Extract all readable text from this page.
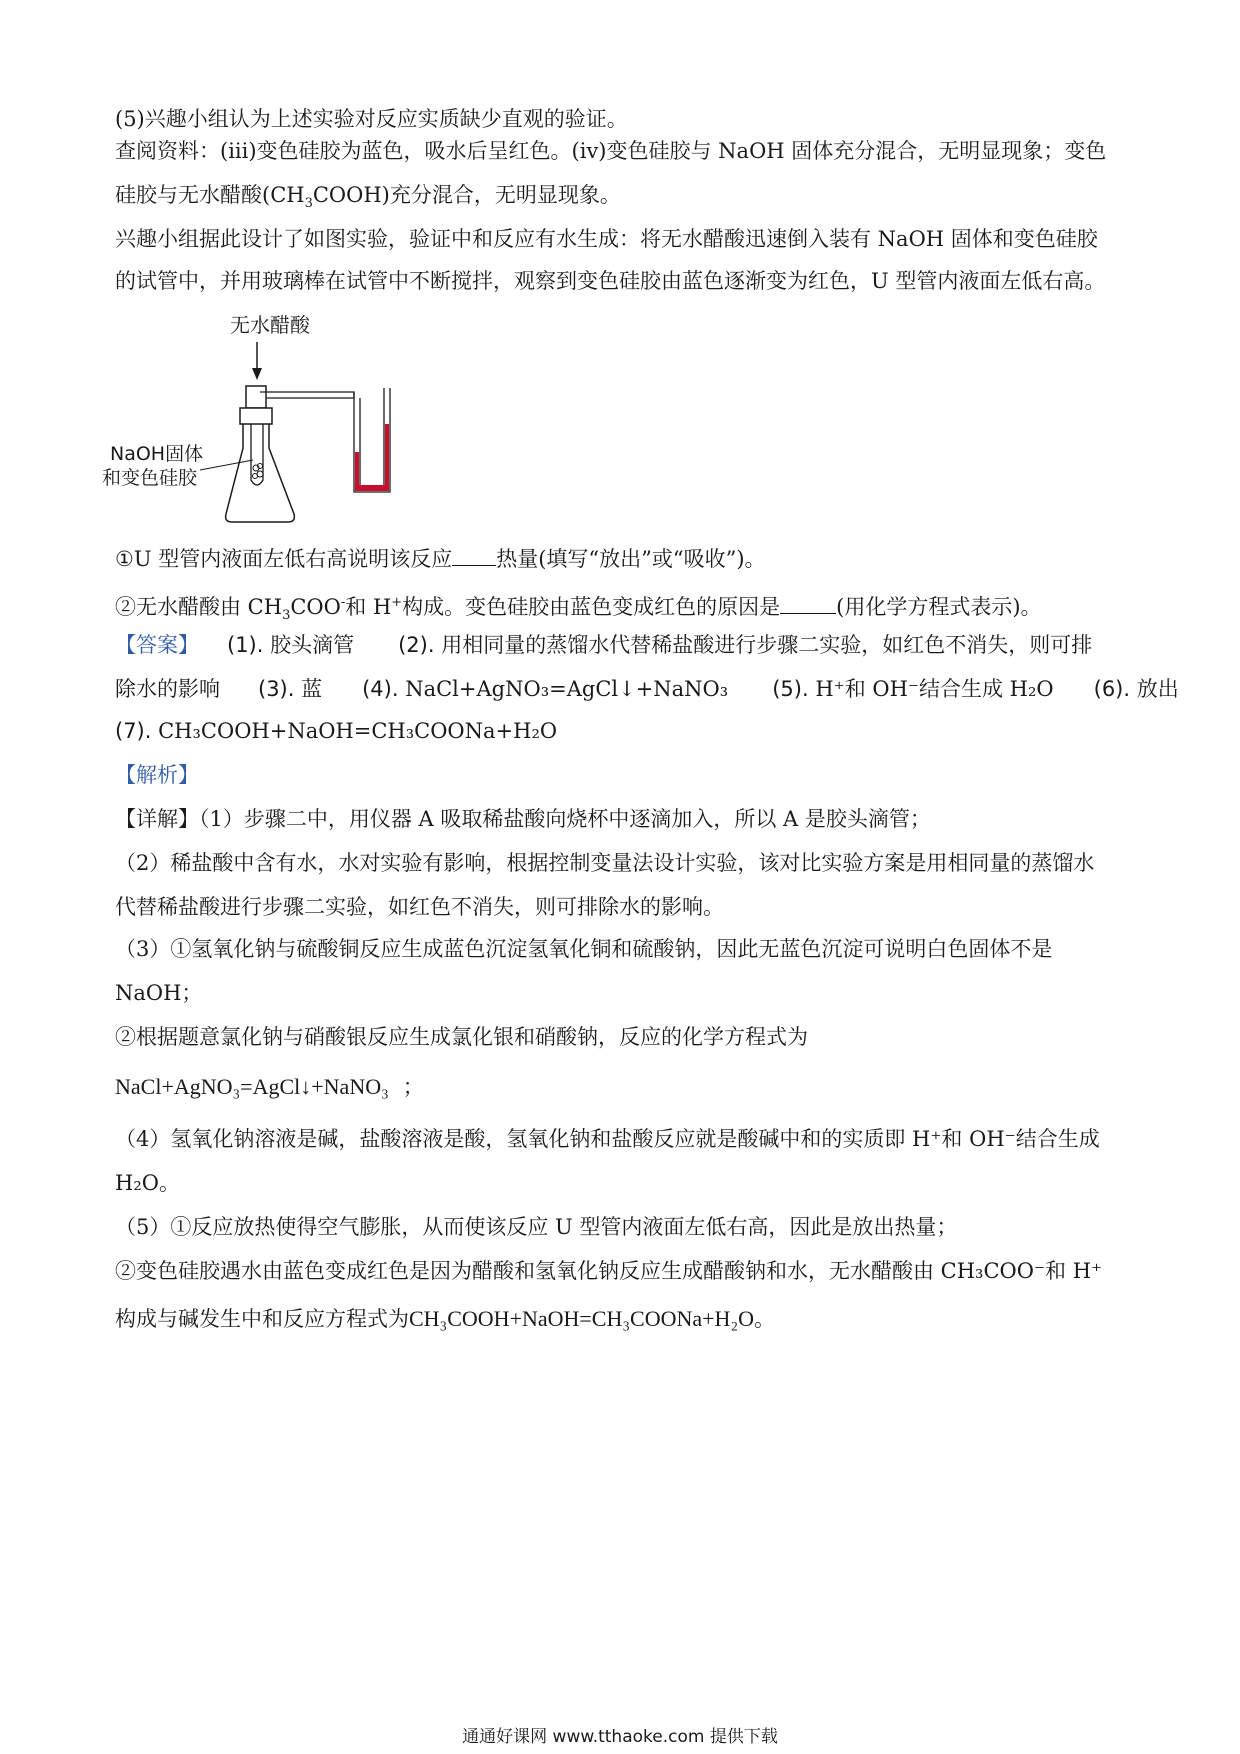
(5)兴趣小组认为上述实验对反应实质缺少直观的验证。
查阅资料：(iii)变色硅胶为蓝色，吸水后呈红色。(iv)变色硅胶与 NaOH 固体充分混合，无明显现象；变色
硅胶与无水醋酸$(CH_3COOH)$充分混合，无明显现象。
兴趣小组据此设计了如图实验，验证中和反应有水生成：将无水醋酸迅速倒入装有 NaOH 固体和变色硅胶
的试管中，并用玻璃棒在试管中不断搅拌，观察到变色硅胶由蓝色逐渐变为红色，U 型管内液面左低右高。
无水醋酸
NaOH固体
和变色硅胶
①U 型管内液面左低右高说明该反应 热量(填写“放出”或“吸收”)。
②无水醋酸由 $CH_3COO^-$和 H+构成。变色硅胶由蓝色变成红色的原因是	(用化学方程式表示)。
【答案】 (1). 胶头滴管 (2). 用相同量的蒸馏水代替稀盐酸进行步骤二实验，如红色不消失，则可排
除水的影响 (3). 蓝 (4). NaCl+AgNO₃=AgCl↓+NaNO₃ (5). H⁺和 OH⁻结合生成 H₂O (6). 放出
(7). CH₃COOH+NaOH=CH₃COONa+H₂O
【解析】
【详解】（1）步骤二中，用仪器 A 吸取稀盐酸向烧杯中逐滴加入，所以 A 是胶头滴管；
（2）稀盐酸中含有水，水对实验有影响，根据控制变量法设计实验，该对比实验方案是用相同量的蒸馏水
代替稀盐酸进行步骤二实验，如红色不消失，则可排除水的影响。
（3）①氢氧化钠与硫酸铜反应生成蓝色沉淀氢氧化铜和硫酸钠，因此无蓝色沉淀可说明白色固体不是
NaOH；
②根据题意氯化钠与硝酸银反应生成氯化银和硝酸钠，反应的化学方程式为
NaCl+AgNO₃=AgCl↓+NaNO₃ ；
（4）氢氧化钠溶液是碱，盐酸溶液是酸，氢氧化钠和盐酸反应就是酸碱中和的实质即 H⁺和 OH⁻结合生成
H₂O。
（5）①反应放热使得空气膨胀，从而使该反应 U 型管内液面左低右高，因此是放出热量；
②变色硅胶遇水由蓝色变成红色是因为醋酸和氢氧化钠反应生成醋酸钠和水，无水醋酸由 CH₃COO⁻和 H⁺
构成与碱发生中和反应方程式为CH₃COOH+NaOH=CH₃COONa+H₂O。
通通好课网 www.tthaoke.com 提供下载
